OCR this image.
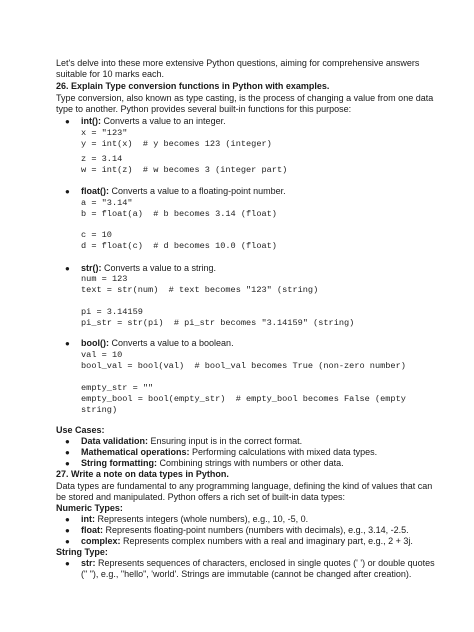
Let's delve into these more extensive Python questions, aiming for comprehensive answers
suitable for 10 marks each.
26. Explain Type conversion functions in Python with examples.
Type conversion, also known as type casting, is the process of changing a value from one data
type to another. Python provides several built-in functions for this purpose:
● int(): Converts a value to an integer.
x = "123"
y = int(x)  # y becomes 123 (integer)
z = 3.14
w = int(z)  # w becomes 3 (integer part)
● float(): Converts a value to a floating-point number.
a = "3.14"
b = float(a)  # b becomes 3.14 (float)
c = 10
d = float(c)  # d becomes 10.0 (float)
● str(): Converts a value to a string.
num = 123
text = str(num)  # text becomes "123" (string)
pi = 3.14159
pi_str = str(pi)  # pi_str becomes "3.14159" (string)
● bool(): Converts a value to a boolean.
val = 10
bool_val = bool(val)  # bool_val becomes True (non-zero number)
empty_str = ""
empty_bool = bool(empty_str)  # empty_bool becomes False (empty
string)
Use Cases:
● Data validation: Ensuring input is in the correct format.
● Mathematical operations: Performing calculations with mixed data types.
● String formatting: Combining strings with numbers or other data.
27. Write a note on data types in Python.
Data types are fundamental to any programming language, defining the kind of values that can
be stored and manipulated. Python offers a rich set of built-in data types:
Numeric Types:
● int: Represents integers (whole numbers), e.g., 10, -5, 0.
● float: Represents floating-point numbers (numbers with decimals), e.g., 3.14, -2.5.
● complex: Represents complex numbers with a real and imaginary part, e.g., 2 + 3j.
String Type:
● str: Represents sequences of characters, enclosed in single quotes (' ') or double quotes
(" "), e.g., "hello", 'world'. Strings are immutable (cannot be changed after creation).
